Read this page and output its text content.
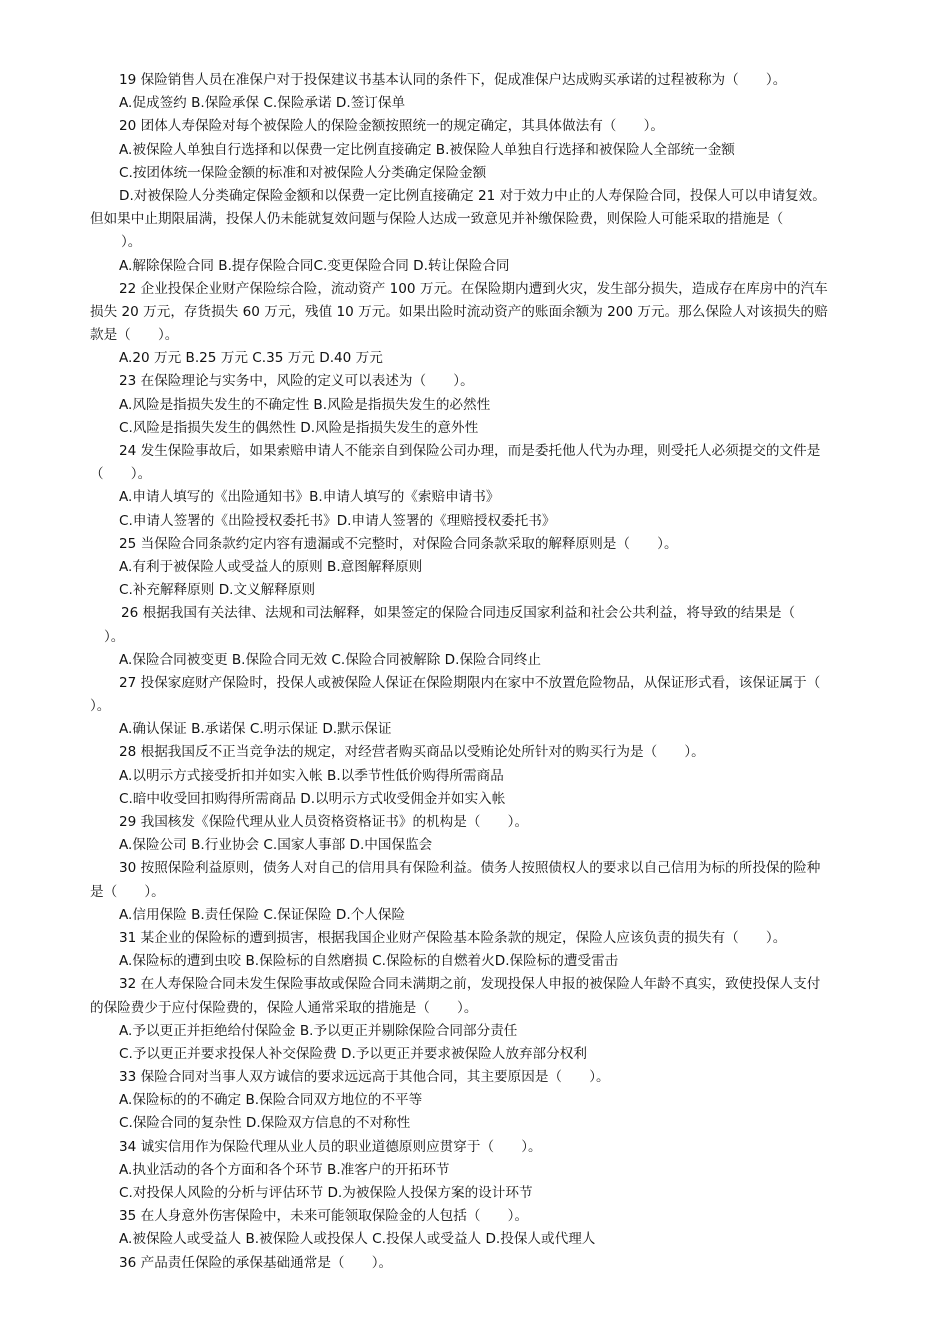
19 保险销售人员在准保户对于投保建议书基本认同的条件下，促成准保户达成购买承诺的过程被称为（　　）。
A.促成签约 B.保险承保 C.保险承诺 D.签订保单
20 团体人寿保险对每个被保险人的保险金额按照统一的规定确定，其具体做法有（　　）。
A.被保险人单独自行选择和以保费一定比例直接确定 B.被保险人单独自行选择和被保险人全部统一金额
C.按团体统一保险金额的标准和对被保险人分类确定保险金额
D.对被保险人分类确定保险金额和以保费一定比例直接确定 21 对于效力中止的人寿保险合同，投保人可以申请复效。
但如果中止期限届满，投保人仍未能就复效问题与保险人达成一致意见并补缴保险费，则保险人可能采取的措施是（
）。
A.解除保险合同 B.提存保险合同C.变更保险合同 D.转让保险合同
22 企业投保企业财产保险综合险，流动资产 100 万元。在保险期内遭到火灾，发生部分损失，造成存在库房中的汽车
损失 20 万元，存货损失 60 万元，残值 10 万元。如果出险时流动资产的账面余额为 200 万元。那么保险人对该损失的赔
款是（　　）。
A.20 万元 B.25 万元 C.35 万元 D.40 万元
23 在保险理论与实务中，风险的定义可以表述为（　　）。
A.风险是指损失发生的不确定性 B.风险是指损失发生的必然性
C.风险是指损失发生的偶然性 D.风险是指损失发生的意外性
24 发生保险事故后，如果索赔申请人不能亲自到保险公司办理，而是委托他人代为办理，则受托人必须提交的文件是
（　　）。
A.申请人填写的《出险通知书》B.申请人填写的《索赔申请书》
C.申请人签署的《出险授权委托书》D.申请人签署的《理赔授权委托书》
25 当保险合同条款约定内容有遗漏或不完整时，对保险合同条款采取的解释原则是（　　）。
A.有利于被保险人或受益人的原则 B.意图解释原则
C.补充解释原则 D.文义解释原则
26 根据我国有关法律、法规和司法解释，如果签定的保险合同违反国家利益和社会公共利益，将导致的结果是（
）。
A.保险合同被变更 B.保险合同无效 C.保险合同被解除 D.保险合同终止
27 投保家庭财产保险时，投保人或被保险人保证在保险期限内在家中不放置危险物品，从保证形式看，该保证属于（
）。
A.确认保证 B.承诺保 C.明示保证 D.默示保证
28 根据我国反不正当竞争法的规定，对经营者购买商品以受贿论处所针对的购买行为是（　　）。
A.以明示方式接受折扣并如实入帐 B.以季节性低价购得所需商品
C.暗中收受回扣购得所需商品 D.以明示方式收受佣金并如实入帐
29 我国核发《保险代理从业人员资格资格证书》的机构是（　　）。
A.保险公司 B.行业协会 C.国家人事部 D.中国保监会
30 按照保险利益原则，债务人对自己的信用具有保险利益。债务人按照债权人的要求以自己信用为标的所投保的险种
是（　　）。
A.信用保险 B.责任保险 C.保证保险 D.个人保险
31 某企业的保险标的遭到损害，根据我国企业财产保险基本险条款的规定，保险人应该负责的损失有（　　）。
A.保险标的遭到虫咬 B.保险标的自然磨损 C.保险标的自燃着火D.保险标的遭受雷击
32 在人寿保险合同未发生保险事故或保险合同未满期之前，发现投保人申报的被保险人年龄不真实，致使投保人支付
的保险费少于应付保险费的，保险人通常采取的措施是（　　）。
A.予以更正并拒绝给付保险金 B.予以更正并剔除保险合同部分责任
C.予以更正并要求投保人补交保险费 D.予以更正并要求被保险人放弃部分权利
33 保险合同对当事人双方诚信的要求远远高于其他合同，其主要原因是（　　）。
A.保险标的的不确定 B.保险合同双方地位的不平等
C.保险合同的复杂性 D.保险双方信息的不对称性
34 诚实信用作为保险代理从业人员的职业道德原则应贯穿于（　　）。
A.执业活动的各个方面和各个环节 B.准客户的开拓环节
C.对投保人风险的分析与评估环节 D.为被保险人投保方案的设计环节
35 在人身意外伤害保险中，未来可能领取保险金的人包括（　　）。
A.被保险人或受益人 B.被保险人或投保人 C.投保人或受益人 D.投保人或代理人
36 产品责任保险的承保基础通常是（　　）。
